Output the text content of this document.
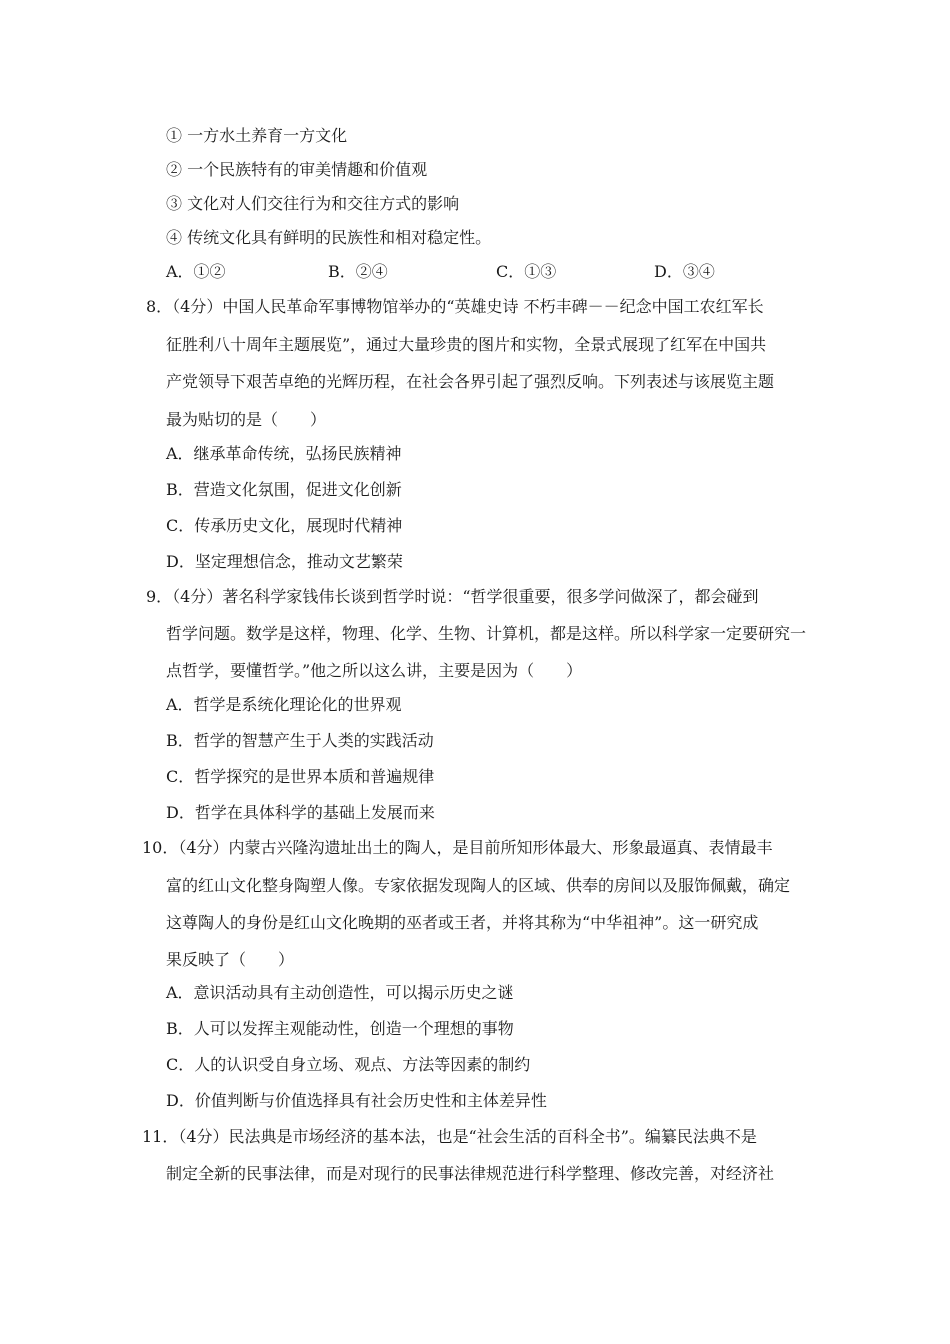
① 一方水土养育一方文化
② 一个民族特有的审美情趣和价值观
③ 文化对人们交往行为和交往方式的影响
④ 传统文化具有鲜明的民族性和相对稳定性。
A．①②	B．②④	C．①③	D．③④
8．（4分）中国人民革命军事博物馆举办的“英雄史诗 不朽丰碑－－纪念中国工农红军长
征胜利八十周年主题展览”，通过大量珍贵的图片和实物，全景式展现了红军在中国共
产党领导下艰苦卓绝的光辉历程，在社会各界引起了强烈反响。下列表述与该展览主题
最为贴切的是（　　）
A．继承革命传统，弘扬民族精神
B．营造文化氛围，促进文化创新
C．传承历史文化，展现时代精神
D．坚定理想信念，推动文艺繁荣
9．（4分）著名科学家钱伟长谈到哲学时说：“哲学很重要，很多学问做深了，都会碰到
哲学问题。数学是这样，物理、化学、生物、计算机，都是这样。所以科学家一定要研究一
点哲学，要懂哲学。”他之所以这么讲，主要是因为（　　）
A．哲学是系统化理论化的世界观
B．哲学的智慧产生于人类的实践活动
C．哲学探究的是世界本质和普遍规律
D．哲学在具体科学的基础上发展而来
10．（4分）内蒙古兴隆沟遗址出土的陶人，是目前所知形体最大、形象最逼真、表情最丰
富的红山文化整身陶塑人像。专家依据发现陶人的区域、供奉的房间以及服饰佩戴，确定
这尊陶人的身份是红山文化晚期的巫者或王者，并将其称为“中华祖神”。这一研究成
果反映了（　　）
A．意识活动具有主动创造性，可以揭示历史之谜
B．人可以发挥主观能动性，创造一个理想的事物
C．人的认识受自身立场、观点、方法等因素的制约
D．价值判断与价值选择具有社会历史性和主体差异性
11．（4分）民法典是市场经济的基本法，也是“社会生活的百科全书”。编纂民法典不是
制定全新的民事法律，而是对现行的民事法律规范进行科学整理、修改完善，对经济社
